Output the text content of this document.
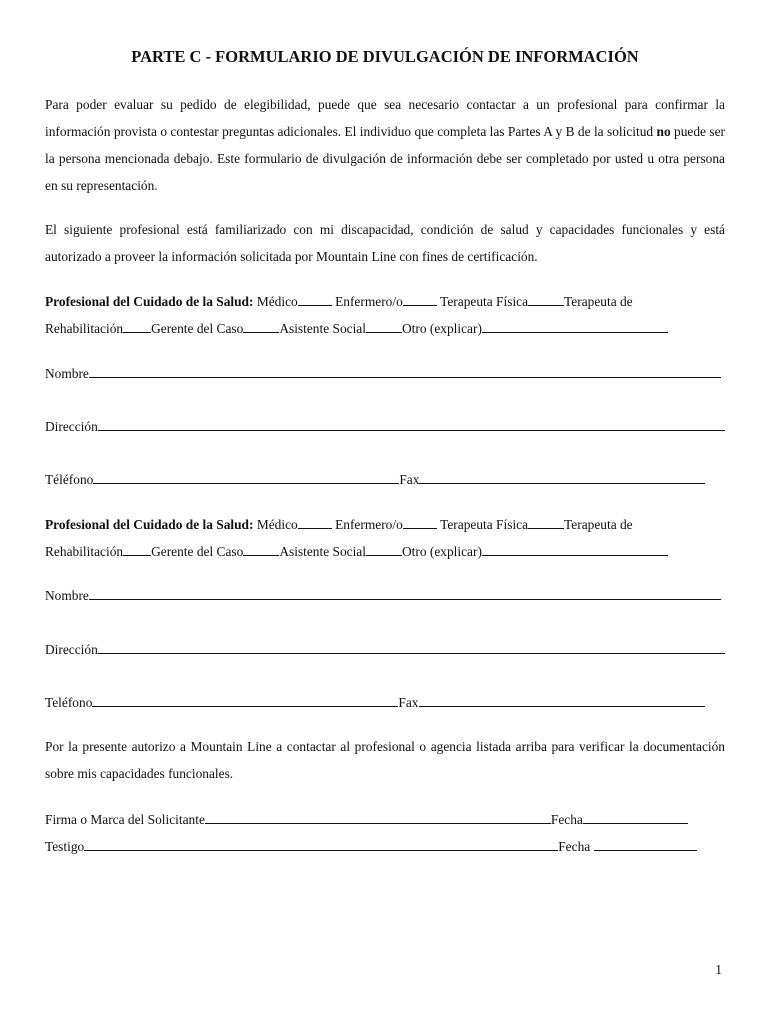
PARTE C - FORMULARIO DE DIVULGACIÓN DE INFORMACIÓN

Para poder evaluar su pedido de elegibilidad, puede que sea necesario contactar a un profesional para confirmar la información provista o contestar preguntas adicionales. El individuo que completa las Partes A y B de la solicitud no puede ser la persona mencionada debajo. Este formulario de divulgación de información debe ser completado por usted u otra persona en su representación.

El siguiente profesional está familiarizado con mi discapacidad, condición de salud y capacidades funcionales y está autorizado a proveer la información solicitada por Mountain Line con fines de certificación.

Profesional del Cuidado de la Salud:
Médico
	Enfermero/o
	Terapeuta Física	Terapeuta de
Rehabilitación Gerente del Caso	Asistente Social	Otro (explicar)
Nombre
Dirección
Téléfono	Fax
Profesional del Cuidado de la Salud:
Médico
	Enfermero/o
	Terapeuta Física	Terapeuta de
Rehabilitación Gerente del Caso	Asistente Social	Otro (explicar)
Nombre
Dirección
Teléfono	Fax

Por la presente autorizo a Mountain Line a contactar al profesional o agencia listada arriba para verificar la documentación sobre mis capacidades funcionales.

Firma o Marca del Solicitante	Fecha
Testigo	Fecha

1
